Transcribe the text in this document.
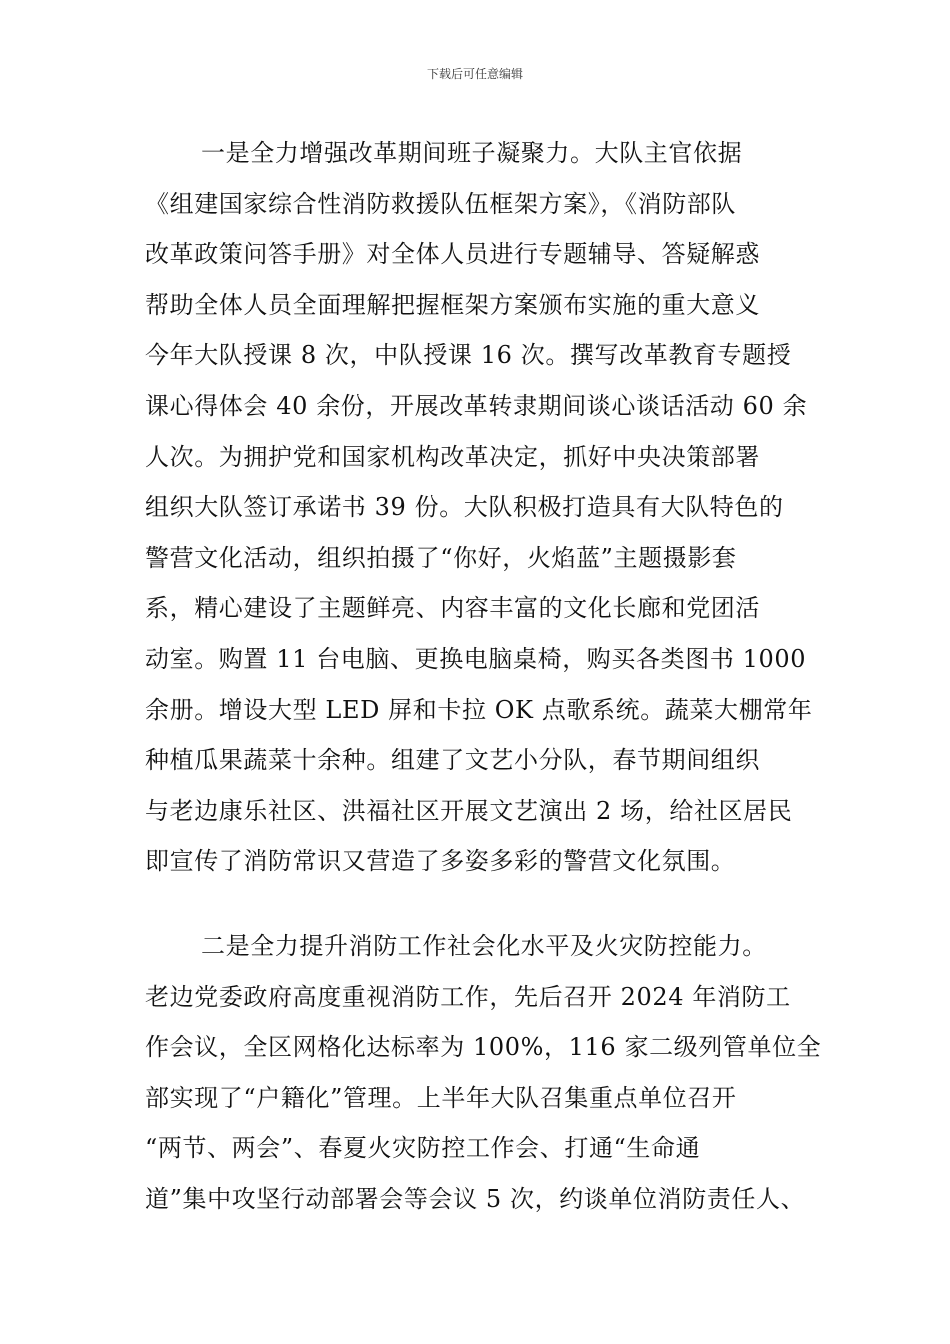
下载后可任意编辑
一是全力增强改革期间班子凝聚力。大队主官依据
《组建国家综合性消防救援队伍框架方案》，《消防部队
改革政策问答手册》对全体人员进行专题辅导、答疑解惑
帮助全体人员全面理解把握框架方案颁布实施的重大意义
今年大队授课 8 次，中队授课 16 次。撰写改革教育专题授
课心得体会 40 余份，开展改革转隶期间谈心谈话活动 60 余
人次。为拥护党和国家机构改革决定，抓好中央决策部署
组织大队签订承诺书 39 份。大队积极打造具有大队特色的
警营文化活动，组织拍摄了“你好，火焰蓝”主题摄影套
系，精心建设了主题鲜亮、内容丰富的文化长廊和党团活
动室。购置 11 台电脑、更换电脑桌椅，购买各类图书 1000
余册。增设大型 LED 屏和卡拉 OK 点歌系统。蔬菜大棚常年
种植瓜果蔬菜十余种。组建了文艺小分队，春节期间组织
与老边康乐社区、洪福社区开展文艺演出 2 场，给社区居民
即宣传了消防常识又营造了多姿多彩的警营文化氛围。
二是全力提升消防工作社会化水平及火灾防控能力。
老边党委政府高度重视消防工作，先后召开 2024 年消防工
作会议，全区网格化达标率为 100%，116 家二级列管单位全
部实现了“户籍化”管理。上半年大队召集重点单位召开
“两节、两会”、春夏火灾防控工作会、打通“生命通
道”集中攻坚行动部署会等会议 5 次，约谈单位消防责任人、
